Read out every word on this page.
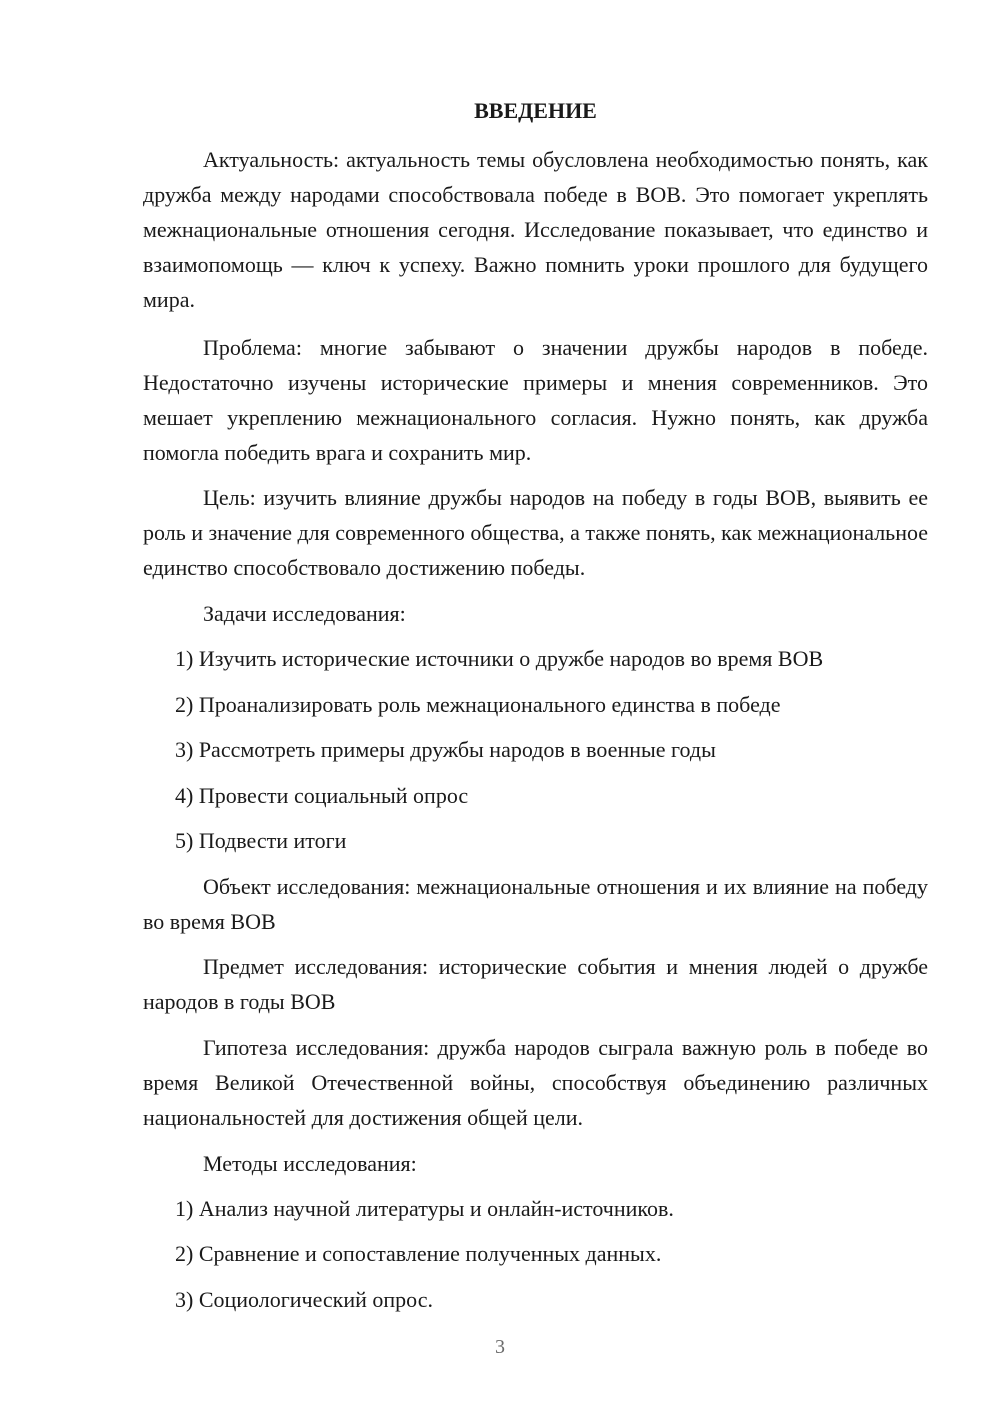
ВВЕДЕНИЕ
Актуальность: актуальность темы обусловлена необходимостью понять, как дружба между народами способствовала победе в ВОВ. Это помогает укреплять межнациональные отношения сегодня. Исследование показывает, что единство и взаимопомощь — ключ к успеху. Важно помнить уроки прошлого для будущего мира.
Проблема: многие забывают о значении дружбы народов в победе. Недостаточно изучены исторические примеры и мнения современников. Это мешает укреплению межнационального согласия. Нужно понять, как дружба помогла победить врага и сохранить мир.
Цель: изучить влияние дружбы народов на победу в годы ВОВ, выявить ее роль и значение для современного общества, а также понять, как межнациональное единство способствовало достижению победы.
Задачи исследования:
1) Изучить исторические источники о дружбе народов во время ВОВ
2) Проанализировать роль межнационального единства в победе
3) Рассмотреть примеры дружбы народов в военные годы
4) Провести социальный опрос
5) Подвести итоги
Объект исследования: межнациональные отношения и их влияние на победу во время ВОВ
Предмет исследования: исторические события и мнения людей о дружбе народов в годы ВОВ
Гипотеза исследования: дружба народов сыграла важную роль в победе во время Великой Отечественной войны, способствуя объединению различных национальностей для достижения общей цели.
Методы исследования:
1) Анализ научной литературы и онлайн-источников.
2) Сравнение и сопоставление полученных данных.
3) Социологический опрос.
3
